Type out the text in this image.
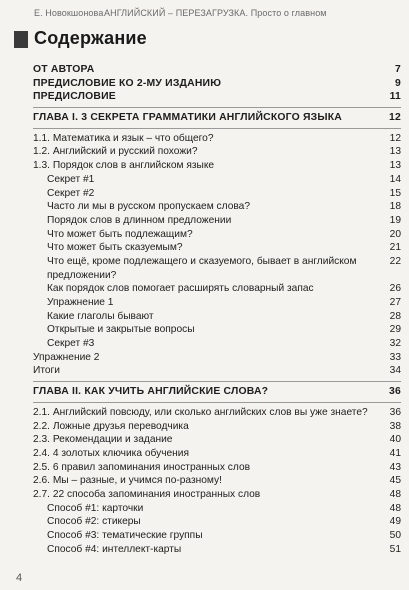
Е. Новокшонова АНГЛИЙСКИЙ – ПЕРЕЗАГРУЗКА. Просто о главном
Содержание
ОТ АВТОРА	7
ПРЕДИСЛОВИЕ КО 2-МУ ИЗДАНИЮ	9
ПРЕДИСЛОВИЕ	11
ГЛАВА I. 3 СЕКРЕТА ГРАММАТИКИ АНГЛИЙСКОГО ЯЗЫКА	12
1.1. Математика и язык – что общего?	12
1.2. Английский и русский похожи?	13
1.3. Порядок слов в английском языке	13
Секрет #1	14
Секрет #2	15
Часто ли мы в русском пропускаем слова?	18
Порядок слов в длинном предложении	19
Что может быть подлежащим?	20
Что может быть сказуемым?	21
Что ещё, кроме подлежащего и сказуемого, бывает в английском предложении?
22
Как порядок слов помогает расширять словарный запас	26
Упражнение 1	27
Какие глаголы бывают	28
Открытые и закрытые вопросы	29
Секрет #3	32
Упражнение 2	33
Итоги	34
ГЛАВА II. КАК УЧИТЬ АНГЛИЙСКИЕ СЛОВА?	36
2.1. Английский повсюду, или сколько английских слов вы уже знаете? 36
2.2. Ложные друзья переводчика	38
2.3. Рекомендации и задание	40
2.4. 4 золотых ключика обучения	41
2.5. 6 правил запоминания иностранных слов	43
2.6. Мы – разные, и учимся по-разному!	45
2.7. 22 способа запоминания иностранных слов	48
Способ #1: карточки	48
Способ #2: стикеры	49
Способ #3: тематические группы	50
Способ #4: интеллект-карты	51
4
